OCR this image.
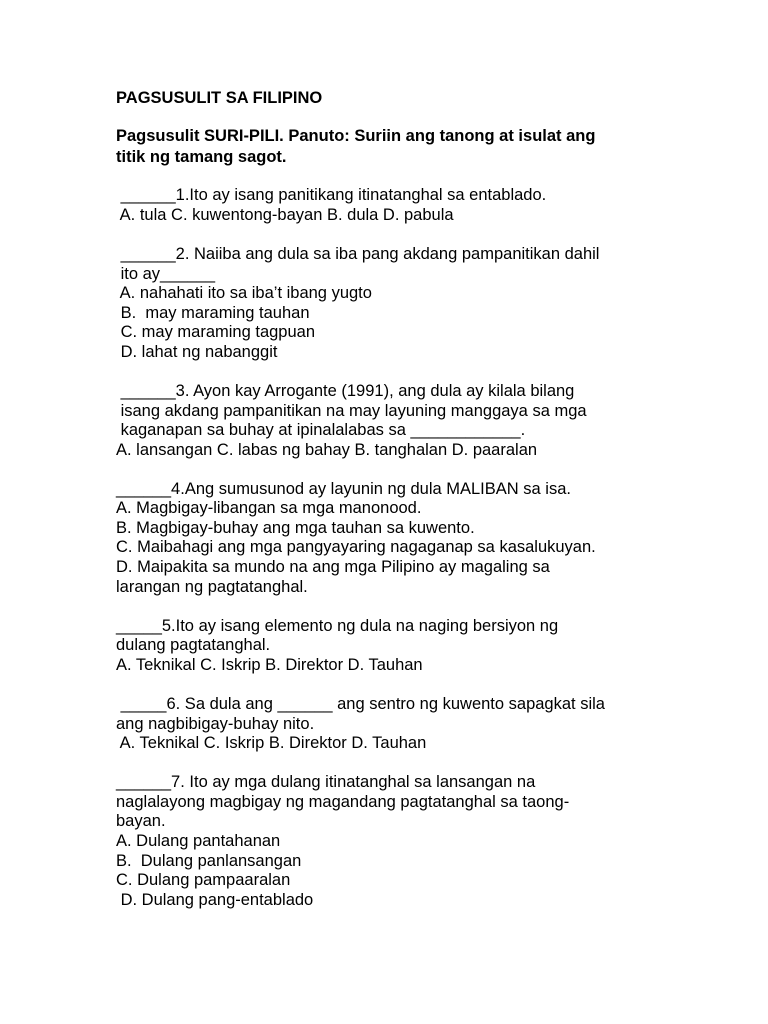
PAGSUSULIT SA FILIPINO
Pagsusulit SURI-PILI. Panuto: Suriin ang tanong at isulat ang
titik ng tamang sagot.
______1.Ito ay isang panitikang itinatanghal sa entablado.
A. tula C. kuwentong-bayan B. dula D. pabula
______2. Naiiba ang dula sa iba pang akdang pampanitikan dahil
ito ay______
A. nahahati ito sa iba’t ibang yugto
B.  may maraming tauhan
C. may maraming tagpuan
D. lahat ng nabanggit
______3. Ayon kay Arrogante (1991), ang dula ay kilala bilang
isang akdang pampanitikan na may layuning manggaya sa mga
kaganapan sa buhay at ipinalalabas sa ____________.
A. lansangan C. labas ng bahay B. tanghalan D. paaralan
______4.Ang sumusunod ay layunin ng dula MALIBAN sa isa.
A. Magbigay-libangan sa mga manonood.
B. Magbigay-buhay ang mga tauhan sa kuwento.
C. Maibahagi ang mga pangyayaring nagaganap sa kasalukuyan.
D. Maipakita sa mundo na ang mga Pilipino ay magaling sa
larangan ng pagtatanghal.
_____5.Ito ay isang elemento ng dula na naging bersiyon ng
dulang pagtatanghal.
A. Teknikal C. Iskrip B. Direktor D. Tauhan
_____6. Sa dula ang ______ ang sentro ng kuwento sapagkat sila
ang nagbibigay-buhay nito.
A. Teknikal C. Iskrip B. Direktor D. Tauhan
______7. Ito ay mga dulang itinatanghal sa lansangan na
naglalayong magbigay ng magandang pagtatanghal sa taong-
bayan.
A. Dulang pantahanan
B.  Dulang panlansangan
C. Dulang pampaaralan
D. Dulang pang-entablado
